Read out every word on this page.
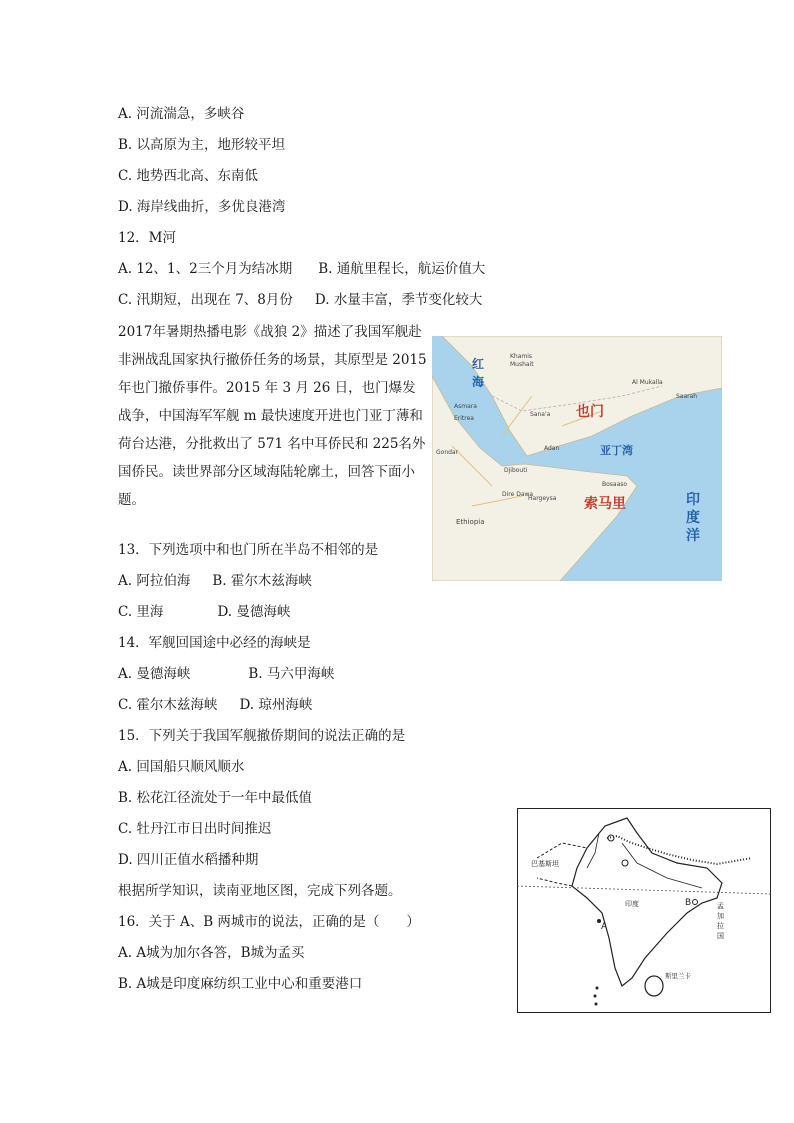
A. 河流湍急，多峡谷
B. 以高原为主，地形较平坦
C. 地势西北高、东南低
D. 海岸线曲折，多优良港湾
12．M河
A. 12、1、2三个月为结冰期 B. 通航里程长，航运价值大
C. 汛期短，出现在 7、8月份 D. 水量丰富，季节变化较大
2017年暑期热播电影《战狼 2》描述了我国军舰赴非洲战乱国家执行撤侨任务的场景，其原型是 2015年也门撤侨事件。2015 年 3 月 26 日，也门爆发战争，中国海军军舰 m 最快速度开进也门亚丁薄和荷台达港，分批救出了 571 名中耳侨民和 225名外国侨民。读世界部分区域海陆轮廓土，回答下面小题。
红海
也门
亚丁湾
索马里	印度洋
Khamis
Mushait
Asmara
Eritrea
Sana'a
Al Mukalla
Saarah
Adan
Djibouti
Gondar
Dire Dawa
Hargeysa
Ethiopia
Bosaaso
13．下列选项中和也门所在半岛不相邻的是
A. 阿拉伯海 B. 霍尔木兹海峡
C. 里海	D. 曼德海峡
14．军舰回国途中必经的海峡是
A. 曼德海峡	B. 马六甲海峡
C. 霍尔木兹海峡 D. 琼州海峡
15．下列关于我国军舰撤侨期间的说法正确的是
A. 回国船只顺风顺水
B. 松花江径流处于一年中最低值
C. 牡丹江市日出时间推迟
D. 四川正值水稻播种期
根据所学知识，读南亚地区图，完成下列各题。
16．关于 A、B 两城市的说法，正确的是（　　）
A. A城为加尔各答，B城为孟买
B. A城是印度麻纺织工业中心和重要港口
巴基斯坦
印度	孟加拉国
斯里兰卡
A
B
